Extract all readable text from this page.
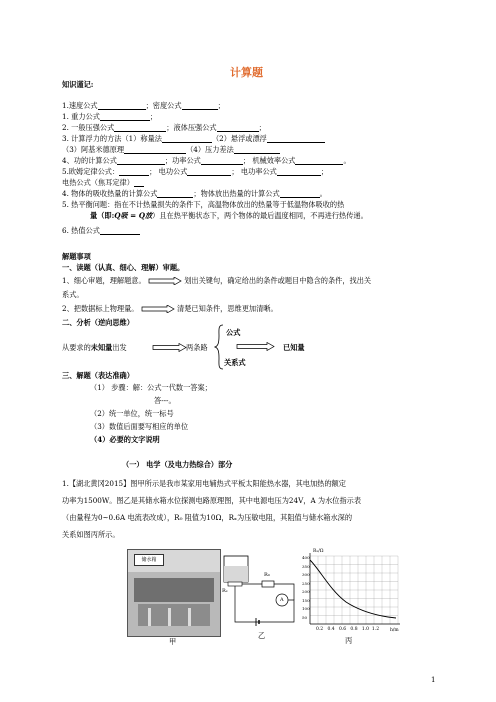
计算题
知识谨记:
1.速度公式	；密度公式	；
1. 重力公式	；
2. 一般压强公式	；液体压强公式	；
3. 计算浮力的方法（1）称量法	（2）悬浮或漂浮
（3）阿基米德原理	（4）压力差法
4、功的计算公式	；功率公式	； 机械效率公式	。
5.欧姆定律公式：	； 电功公式	； 电功率公式	；
电热公式（焦耳定律）
4. 物体的吸收热量的计算公式	；物体放出热量的计算公式	。
5. 热平衡问题：指在不计热量损失的条件下，高温物体放出的热量等于低温物体吸收的热
量（即:Q吸 = Q放）且在热平衡状态下，两个物体的最后温度相同，不再进行热传递。
6. 热值公式
解题事项
一、读题（认真、细心、理解）审题。
1、细心审题，理解题意。	划出关键句，确定给出的条件或题目中隐含的条件，找出关
系式。
2、把数据标上物理量。	清楚已知条件，思维更加清晰。
二、分析（逆向思维）
从要求的未知量出发	两条路
公式
关系式
已知量
三、解题（表达准确）
（1） 步骤：解：公式一代数一答案；
答---。
（2）统一单位，统一标号
（3）数值后面要写相应的单位
（4）必要的文字说明
（一） 电学（及电力热综合）部分
1.【湖北黄冈2015】图甲所示是我市某家用电辅热式平板太阳能热水器，其电加热的额定
功率为1500W。图乙是其储水箱水位探测电路原理图，其中电源电压为24V，A 为水位指示表
（由量程为0~0.6A 电流表改成），R₀ 阻值为10Ω，Rₓ为压敏电阻，其阻值与储水箱水深的
关系如图丙所示。
储水箱
甲
R₀
Rₓ
A
乙
Rₓ/Ω
h/m
400
350
300
250
200
150
100
50
0.2 0.4 0.6 0.8 1.0 1.2
丙
1
